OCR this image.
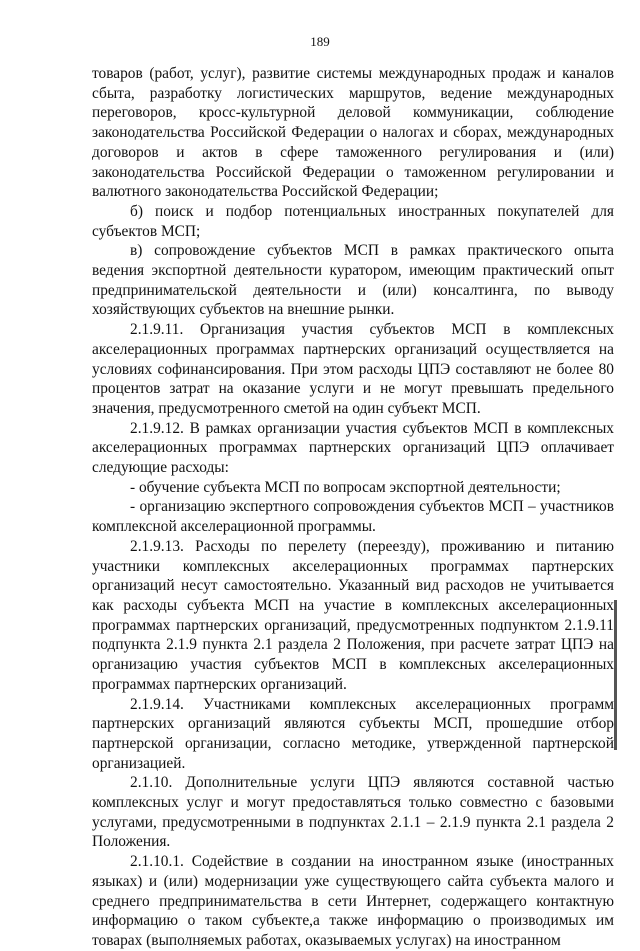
189

товаров (работ, услуг), развитие системы международных продаж и каналов сбыта, разработку логистических маршрутов, ведение международных переговоров, кросс-культурной деловой коммуникации, соблюдение законодательства Российской Федерации о налогах и сборах, международных договоров и актов в сфере таможенного регулирования и (или) законодательства Российской Федерации о таможенном регулировании и валютного законодательства Российской Федерации;

б) поиск и подбор потенциальных иностранных покупателей для субъектов МСП;

в) сопровождение субъектов МСП в рамках практического опыта ведения экспортной деятельности куратором, имеющим практический опыт предпринимательской деятельности и (или) консалтинга, по выводу хозяйствующих субъектов на внешние рынки.

2.1.9.11. Организация участия субъектов МСП в комплексных акселерационных программах партнерских организаций осуществляется на условиях софинансирования. При этом расходы ЦПЭ составляют не более 80 процентов затрат на оказание услуги и не могут превышать предельного значения, предусмотренного сметой на один субъект МСП.

2.1.9.12. В рамках организации участия субъектов МСП в комплексных акселерационных программах партнерских организаций ЦПЭ оплачивает следующие расходы:

- обучение субъекта МСП по вопросам экспортной деятельности;

- организацию экспертного сопровождения субъектов МСП – участников комплексной акселерационной программы.

2.1.9.13. Расходы по перелету (переезду), проживанию и питанию участники комплексных акселерационных программах партнерских организаций несут самостоятельно. Указанный вид расходов не учитывается как расходы субъекта МСП на участие в комплексных акселерационных программах партнерских организаций, предусмотренных подпунктом 2.1.9.11 подпункта 2.1.9 пункта 2.1 раздела 2 Положения, при расчете затрат ЦПЭ на организацию участия субъектов МСП в комплексных акселерационных программах партнерских организаций.

2.1.9.14. Участниками комплексных акселерационных программ партнерских организаций являются субъекты МСП, прошедшие отбор партнерской организации, согласно методике, утвержденной партнерской организацией.

2.1.10. Дополнительные услуги ЦПЭ являются составной частью комплексных услуг и могут предоставляться только совместно с базовыми услугами, предусмотренными в подпунктах 2.1.1 – 2.1.9 пункта 2.1 раздела 2 Положения.

2.1.10.1. Содействие в создании на иностранном языке (иностранных языках) и (или) модернизации уже существующего сайта субъекта малого и среднего предпринимательства в сети Интернет, содержащего контактную информацию о таком субъекте,а также информацию о производимых им товарах (выполняемых работах, оказываемых услугах) на иностранном
